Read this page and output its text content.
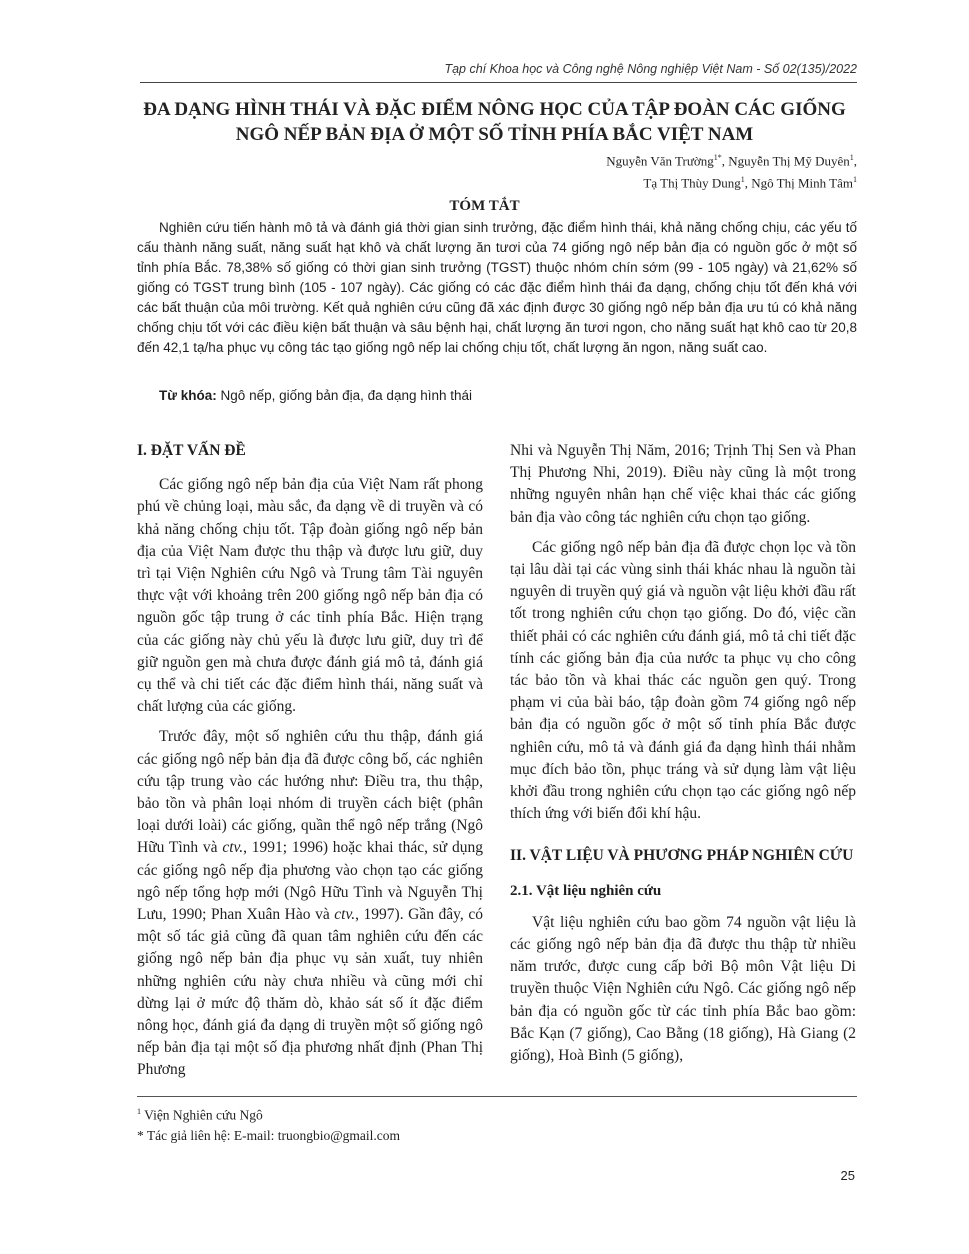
Tạp chí Khoa học và Công nghệ Nông nghiệp Việt Nam - Số 02(135)/2022
ĐA DẠNG HÌNH THÁI VÀ ĐẶC ĐIỂM NÔNG HỌC CỦA TẬP ĐOÀN CÁC GIỐNG
NGÔ NẾP BẢN ĐỊA Ở MỘT SỐ TỈNH PHÍA BẮC VIỆT NAM
Nguyễn Văn Trường$^{1*}$, Nguyễn Thị Mỹ Duyên$^1$,
Tạ Thị Thùy Dung$^1$, Ngô Thị Minh Tâm$^1$
TÓM TẮT

Nghiên cứu tiến hành mô tả và đánh giá thời gian sinh trưởng, đặc điểm hình thái, khả năng chống chịu, các yếu tố cấu thành năng suất, năng suất hạt khô và chất lượng ăn tươi của 74 giống ngô nếp bản địa có nguồn gốc ở một số tỉnh phía Bắc. 78,38% số giống có thời gian sinh trưởng (TGST) thuộc nhóm chín sớm (99 - 105 ngày) và 21,62% số giống có TGST trung bình (105 - 107 ngày). Các giống có các đặc điểm hình thái đa dạng, chống chịu tốt đến khá với các bất thuận của môi trường. Kết quả nghiên cứu cũng đã xác định được 30 giống ngô nếp bản địa ưu tú có khả năng chống chịu tốt với các điều kiện bất thuận và sâu bệnh hại, chất lượng ăn tươi ngon, cho năng suất hạt khô cao từ 20,8 đến 42,1 tạ/ha phục vụ công tác tạo giống ngô nếp lai chống chịu tốt, chất lượng ăn ngon, năng suất cao.

Từ khóa: Ngô nếp, giống bản địa, đa dạng hình thái
I. ĐẶT VẤN ĐỀ

Các giống ngô nếp bản địa của Việt Nam rất phong phú về chủng loại, màu sắc, đa dạng về di truyền và có khả năng chống chịu tốt. Tập đoàn giống ngô nếp bản địa của Việt Nam được thu thập và được lưu giữ, duy trì tại Viện Nghiên cứu Ngô và Trung tâm Tài nguyên thực vật với khoảng trên 200 giống ngô nếp bản địa có nguồn gốc tập trung ở các tỉnh phía Bắc. Hiện trạng của các giống này chủ yếu là được lưu giữ, duy trì để giữ nguồn gen mà chưa được đánh giá mô tả, đánh giá cụ thể và chi tiết các đặc điểm hình thái, năng suất và chất lượng của các giống.

Trước đây, một số nghiên cứu thu thập, đánh giá các giống ngô nếp bản địa đã được công bố, các nghiên cứu tập trung vào các hướng như: Điều tra, thu thập, bảo tồn và phân loại nhóm di truyền cách biệt (phân loại dưới loài) các giống, quần thể ngô nếp trắng (Ngô Hữu Tình và ctv., 1991; 1996) hoặc khai thác, sử dụng các giống ngô nếp địa phương vào chọn tạo các giống ngô nếp tổng hợp mới (Ngô Hữu Tình và Nguyễn Thị Lưu, 1990; Phan Xuân Hào và ctv., 1997). Gần đây, có một số tác giả cũng đã quan tâm nghiên cứu đến các giống ngô nếp bản địa phục vụ sản xuất, tuy nhiên những nghiên cứu này chưa nhiều và cũng mới chỉ dừng lại ở mức độ thăm dò, khảo sát số ít đặc điểm nông học, đánh giá đa dạng di truyền một số giống ngô nếp bản địa tại một số địa phương nhất định (Phan Thị Phương

Nhi và Nguyễn Thị Năm, 2016; Trịnh Thị Sen và Phan Thị Phương Nhi, 2019). Điều này cũng là một trong những nguyên nhân hạn chế việc khai thác các giống bản địa vào công tác nghiên cứu chọn tạo giống.

Các giống ngô nếp bản địa đã được chọn lọc và tồn tại lâu dài tại các vùng sinh thái khác nhau là nguồn tài nguyên di truyền quý giá và nguồn vật liệu khởi đầu rất tốt trong nghiên cứu chọn tạo giống. Do đó, việc cần thiết phải có các nghiên cứu đánh giá, mô tả chi tiết đặc tính các giống bản địa của nước ta phục vụ cho công tác bảo tồn và khai thác các nguồn gen quý. Trong phạm vi của bài báo, tập đoàn gồm 74 giống ngô nếp bản địa có nguồn gốc ở một số tỉnh phía Bắc được nghiên cứu, mô tả và đánh giá đa dạng hình thái nhằm mục đích bảo tồn, phục tráng và sử dụng làm vật liệu khởi đầu trong nghiên cứu chọn tạo các giống ngô nếp thích ứng với biến đổi khí hậu.

II. VẬT LIỆU VÀ PHƯƠNG PHÁP NGHIÊN CỨU
2.1. Vật liệu nghiên cứu

Vật liệu nghiên cứu bao gồm 74 nguồn vật liệu là các giống ngô nếp bản địa đã được thu thập từ nhiều năm trước, được cung cấp bởi Bộ môn Vật liệu Di truyền thuộc Viện Nghiên cứu Ngô. Các giống ngô nếp bản địa có nguồn gốc từ các tỉnh phía Bắc bao gồm: Bắc Kạn (7 giống), Cao Bằng (18 giống), Hà Giang (2 giống), Hoà Bình (5 giống),

$^1$ Viện Nghiên cứu Ngô
* Tác giả liên hệ: E-mail: truongbio@gmail.com
25
